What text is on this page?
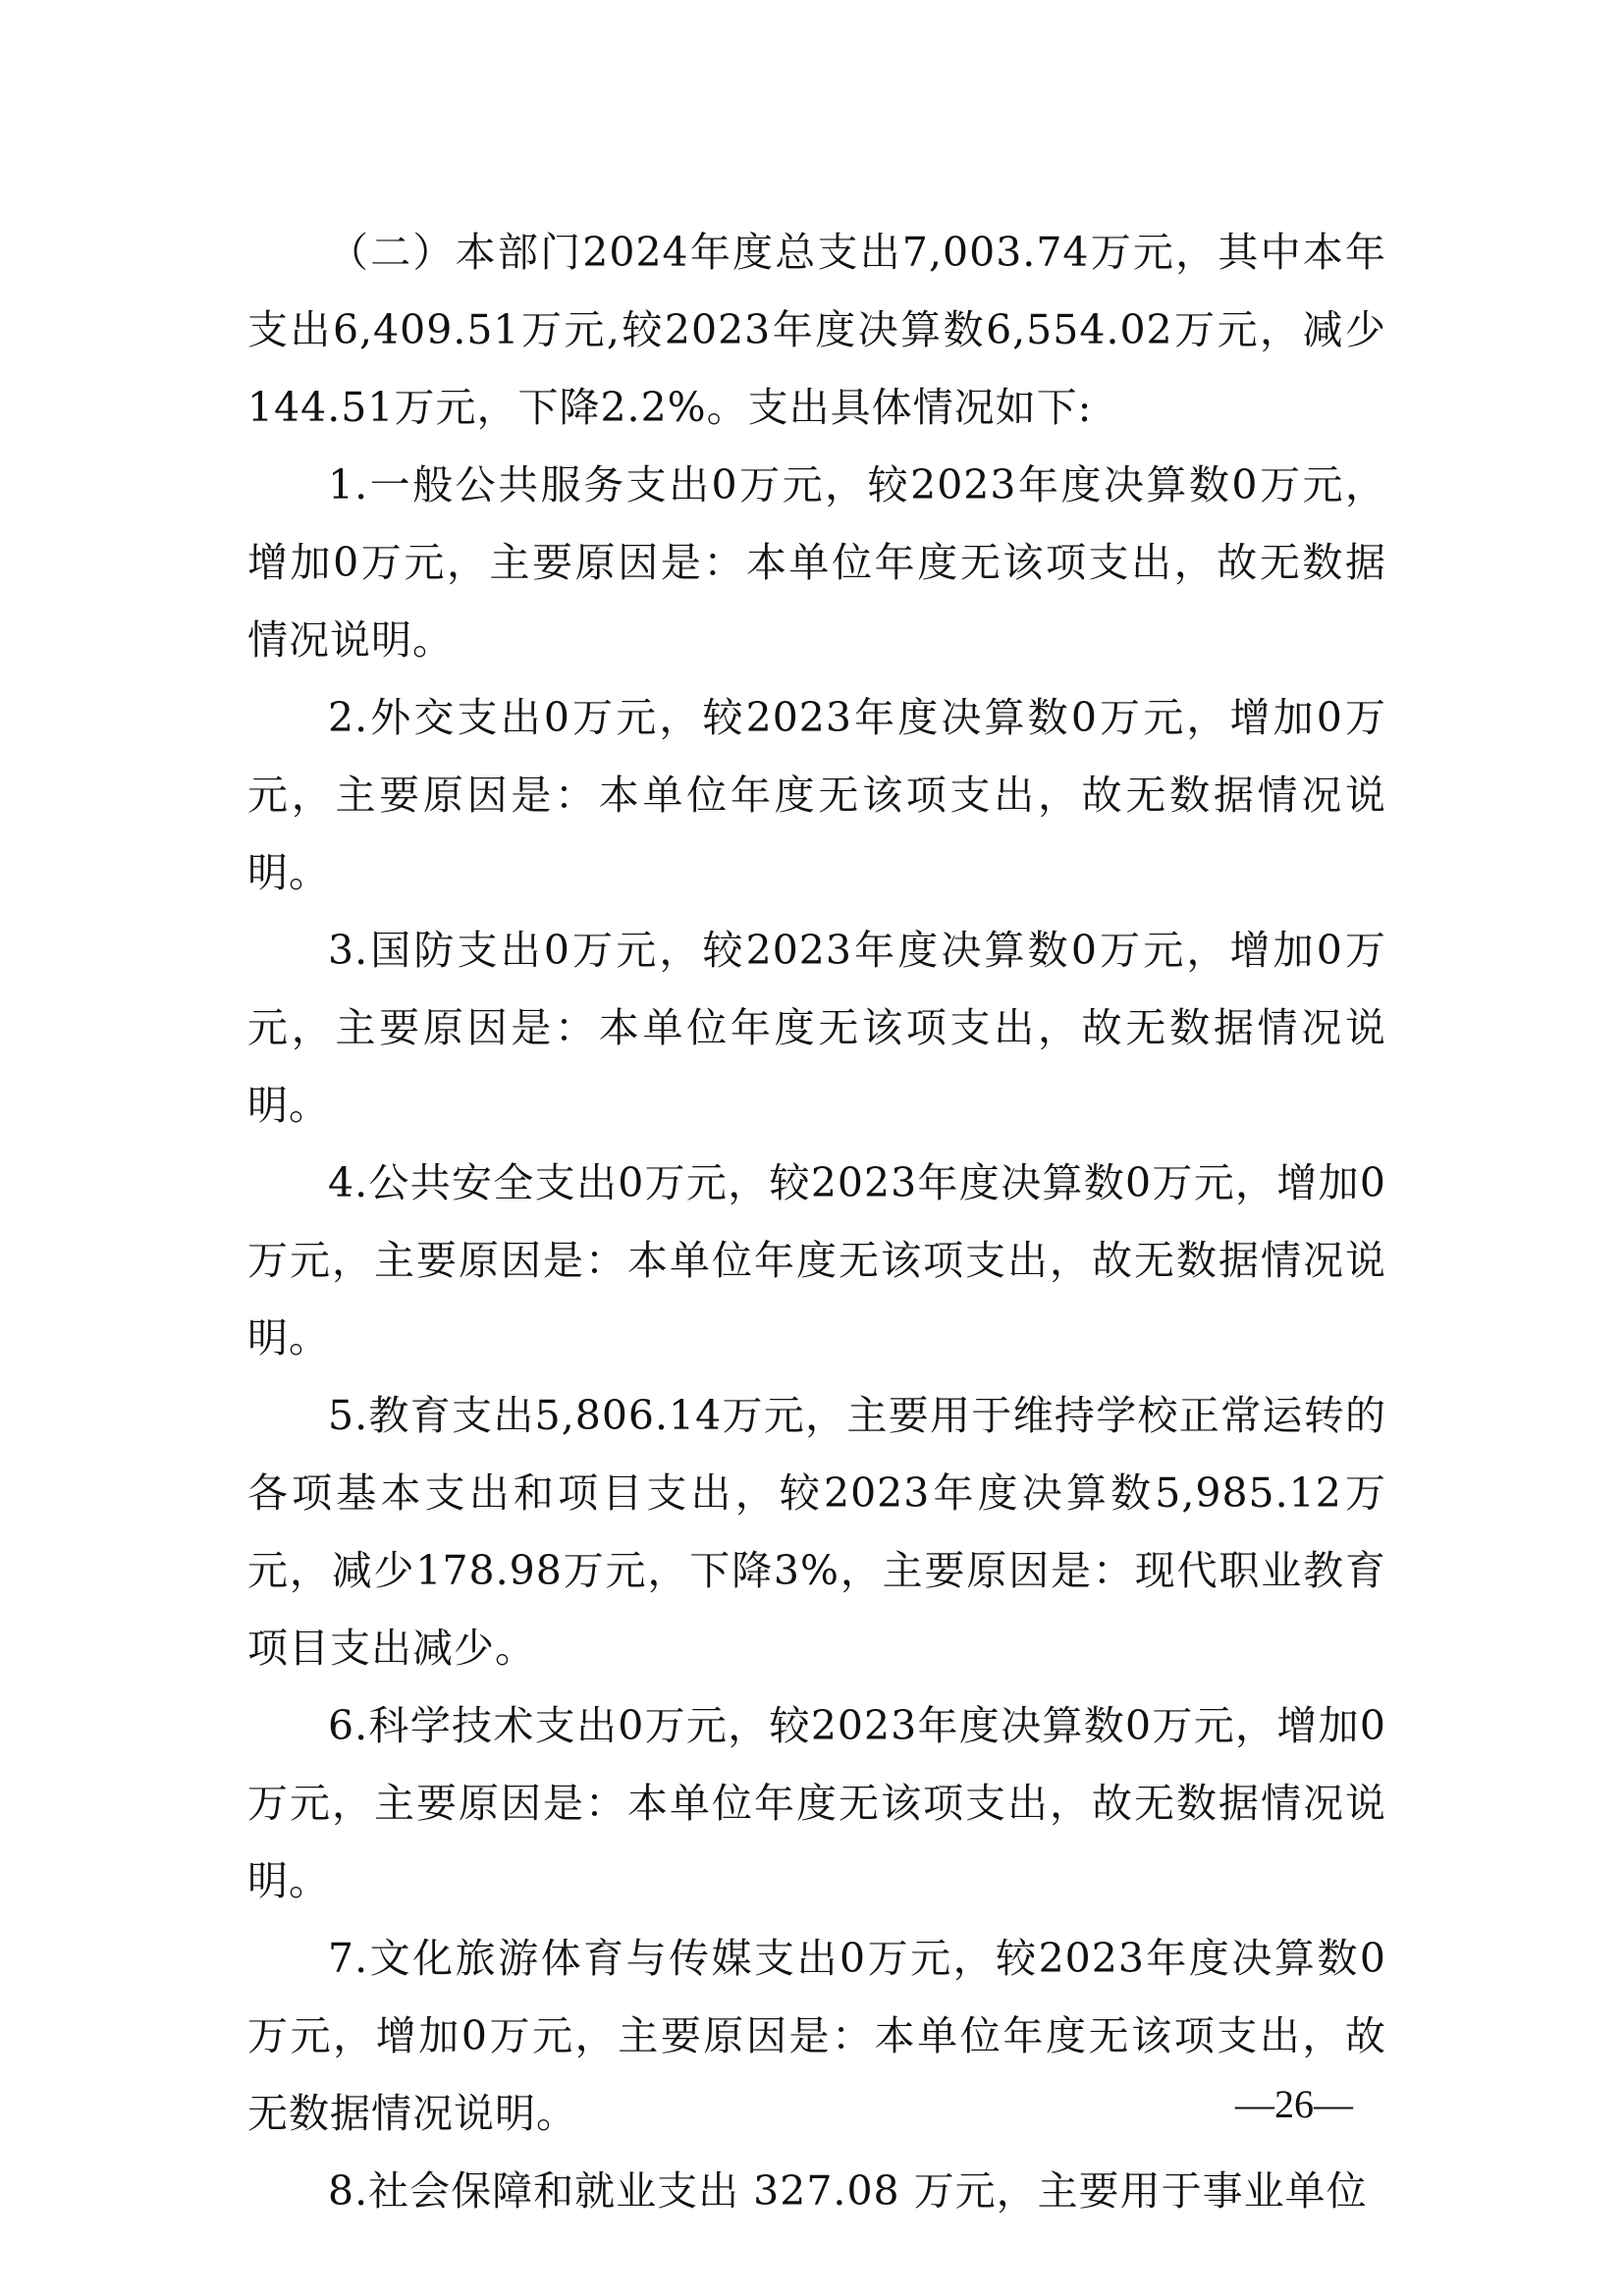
（二）本部门2024年度总支出7,003.74万元，其中本年支出6,409.51万元,较2023年度决算数6,554.02万元，减少144.51万元，下降2.2%。支出具体情况如下:

1.一般公共服务支出0万元，较2023年度决算数0万元，增加0万元，主要原因是：本单位年度无该项支出，故无数据情况说明。

2.外交支出0万元，较2023年度决算数0万元，增加0万元，主要原因是：本单位年度无该项支出，故无数据情况说明。

3.国防支出0万元，较2023年度决算数0万元，增加0万元，主要原因是：本单位年度无该项支出，故无数据情况说明。

4.公共安全支出0万元，较2023年度决算数0万元，增加0万元，主要原因是：本单位年度无该项支出，故无数据情况说明。

5.教育支出5,806.14万元，主要用于维持学校正常运转的各项基本支出和项目支出，较2023年度决算数5,985.12万元，减少178.98万元，下降3%，主要原因是：现代职业教育项目支出减少。

6.科学技术支出0万元，较2023年度决算数0万元，增加0万元，主要原因是：本单位年度无该项支出，故无数据情况说明。

7.文化旅游体育与传媒支出0万元，较2023年度决算数0万元，增加0万元，主要原因是：本单位年度无该项支出，故无数据情况说明。

8.社会保障和就业支出 327.08 万元，主要用于事业单位

—26—
